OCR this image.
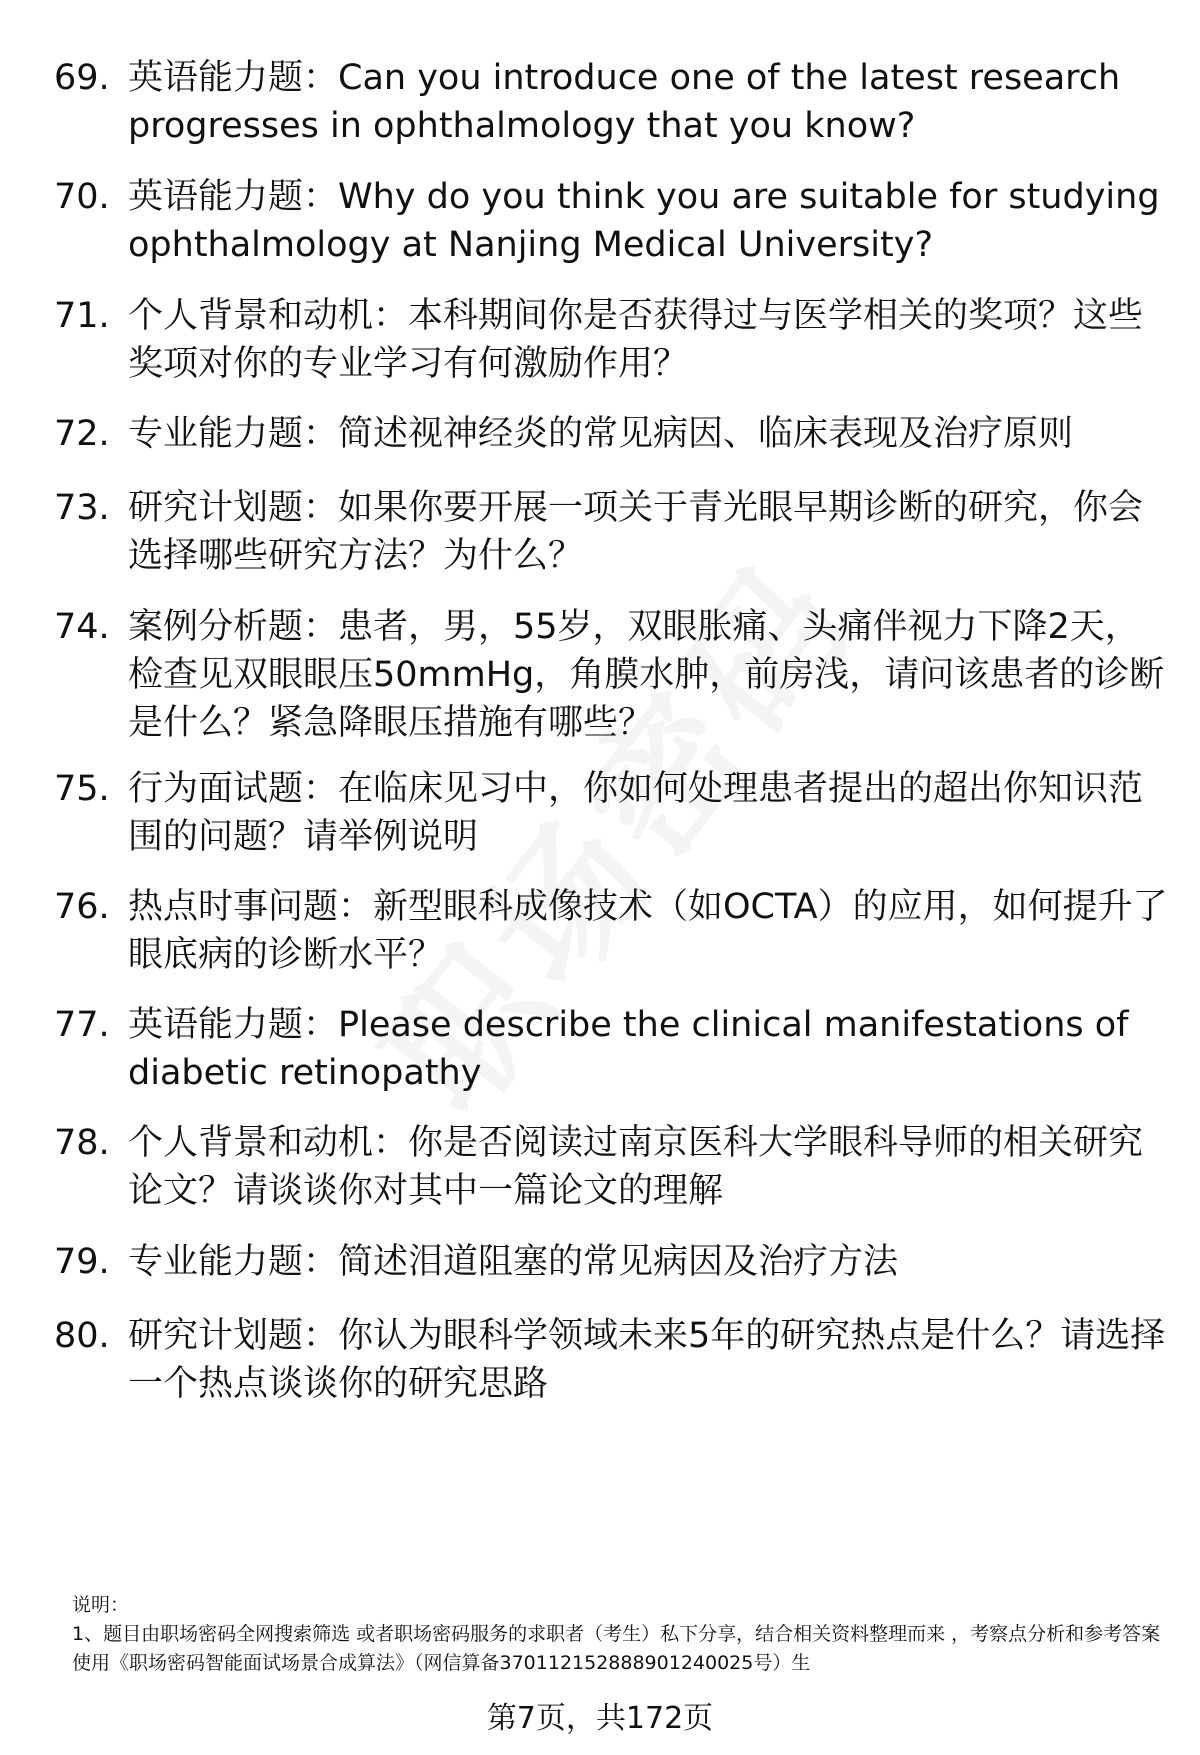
69. 英语能力题：Can you introduce one of the latest research progresses in ophthalmology that you know?
70. 英语能力题：Why do you think you are suitable for studying ophthalmology at Nanjing Medical University?
71. 个人背景和动机：本科期间你是否获得过与医学相关的奖项？这些奖项对你的专业学习有何激励作用？
72. 专业能力题：简述视神经炎的常见病因、临床表现及治疗原则
73. 研究计划题：如果你要开展一项关于青光眼早期诊断的研究，你会选择哪些研究方法？为什么？
74. 案例分析题：患者，男，55岁，双眼胀痛、头痛伴视力下降2天，检查见双眼眼压50mmHg，角膜水肿，前房浅，请问该患者的诊断是什么？紧急降眼压措施有哪些？
75. 行为面试题：在临床见习中，你如何处理患者提出的超出你知识范围的问题？请举例说明
76. 热点时事问题：新型眼科成像技术（如OCTA）的应用，如何提升了眼底病的诊断水平？
77. 英语能力题：Please describe the clinical manifestations of diabetic retinopathy
78. 个人背景和动机：你是否阅读过南京医科大学眼科导师的相关研究论文？请谈谈你对其中一篇论文的理解
79. 专业能力题：简述泪道阻塞的常见病因及治疗方法
80. 研究计划题：你认为眼科学领域未来5年的研究热点是什么？请选择一个热点谈谈你的研究思路
说明：
1、题目由职场密码全网搜索筛选 或者职场密码服务的求职者（考生）私下分享，结合相关资料整理而来 ，考察点分析和参考答案使用《职场密码智能面试场景合成算法》（网信算备370112152888901240025号）生
第7页，共172页
